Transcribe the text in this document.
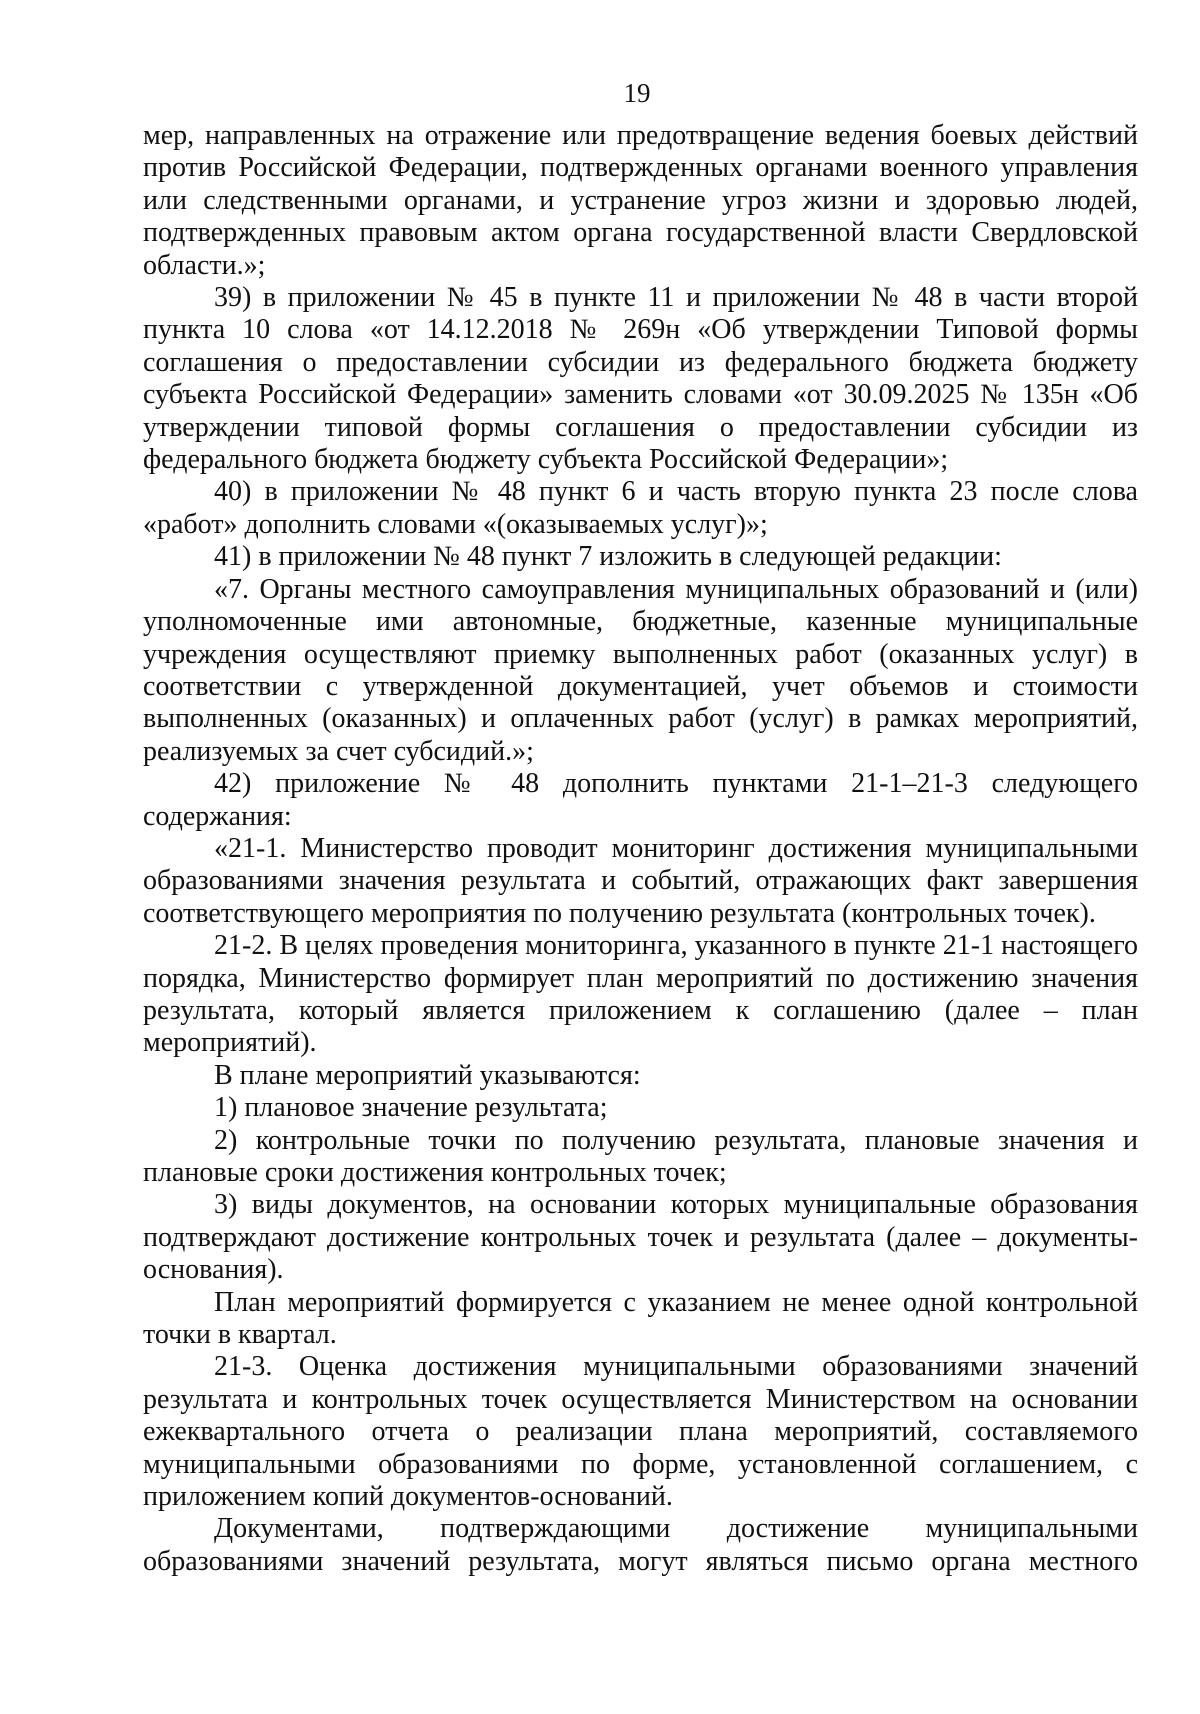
19

мер, направленных на отражение или предотвращение ведения боевых действий против Российской Федерации, подтвержденных органами военного управления или следственными органами, и устранение угроз жизни и здоровью людей, подтвержденных правовым актом органа государственной власти Свердловской области.»;

39) в приложении № 45 в пункте 11 и приложении № 48 в части второй пункта 10 слова «от 14.12.2018 № 269н «Об утверждении Типовой формы соглашения о предоставлении субсидии из федерального бюджета бюджету субъекта Российской Федерации» заменить словами «от 30.09.2025 № 135н «Об утверждении типовой формы соглашения о предоставлении субсидии из федерального бюджета бюджету субъекта Российской Федерации»;

40) в приложении № 48 пункт 6 и часть вторую пункта 23 после слова «работ» дополнить словами «(оказываемых услуг)»;

41) в приложении № 48 пункт 7 изложить в следующей редакции:

«7. Органы местного самоуправления муниципальных образований и (или) уполномоченные ими автономные, бюджетные, казенные муниципальные учреждения осуществляют приемку выполненных работ (оказанных услуг) в соответствии с утвержденной документацией, учет объемов и стоимости выполненных (оказанных) и оплаченных работ (услуг) в рамках мероприятий, реализуемых за счет субсидий.»;

42) приложение № 48 дополнить пунктами 21-1–21-3 следующего содержания:

«21-1. Министерство проводит мониторинг достижения муниципальными образованиями значения результата и событий, отражающих факт завершения соответствующего мероприятия по получению результата (контрольных точек).

21-2. В целях проведения мониторинга, указанного в пункте 21-1 настоящего порядка, Министерство формирует план мероприятий по достижению значения результата, который является приложением к соглашению (далее – план мероприятий).

В плане мероприятий указываются:

1) плановое значение результата;

2) контрольные точки по получению результата, плановые значения и плановые сроки достижения контрольных точек;

3) виды документов, на основании которых муниципальные образования подтверждают достижение контрольных точек и результата (далее – документы-основания).

План мероприятий формируется с указанием не менее одной контрольной точки в квартал.

21-3. Оценка достижения муниципальными образованиями значений результата и контрольных точек осуществляется Министерством на основании ежеквартального отчета о реализации плана мероприятий, составляемого муниципальными образованиями по форме, установленной соглашением, с приложением копий документов-оснований.

Документами, подтверждающими достижение муниципальными образованиями значений результата, могут являться письмо органа местного
